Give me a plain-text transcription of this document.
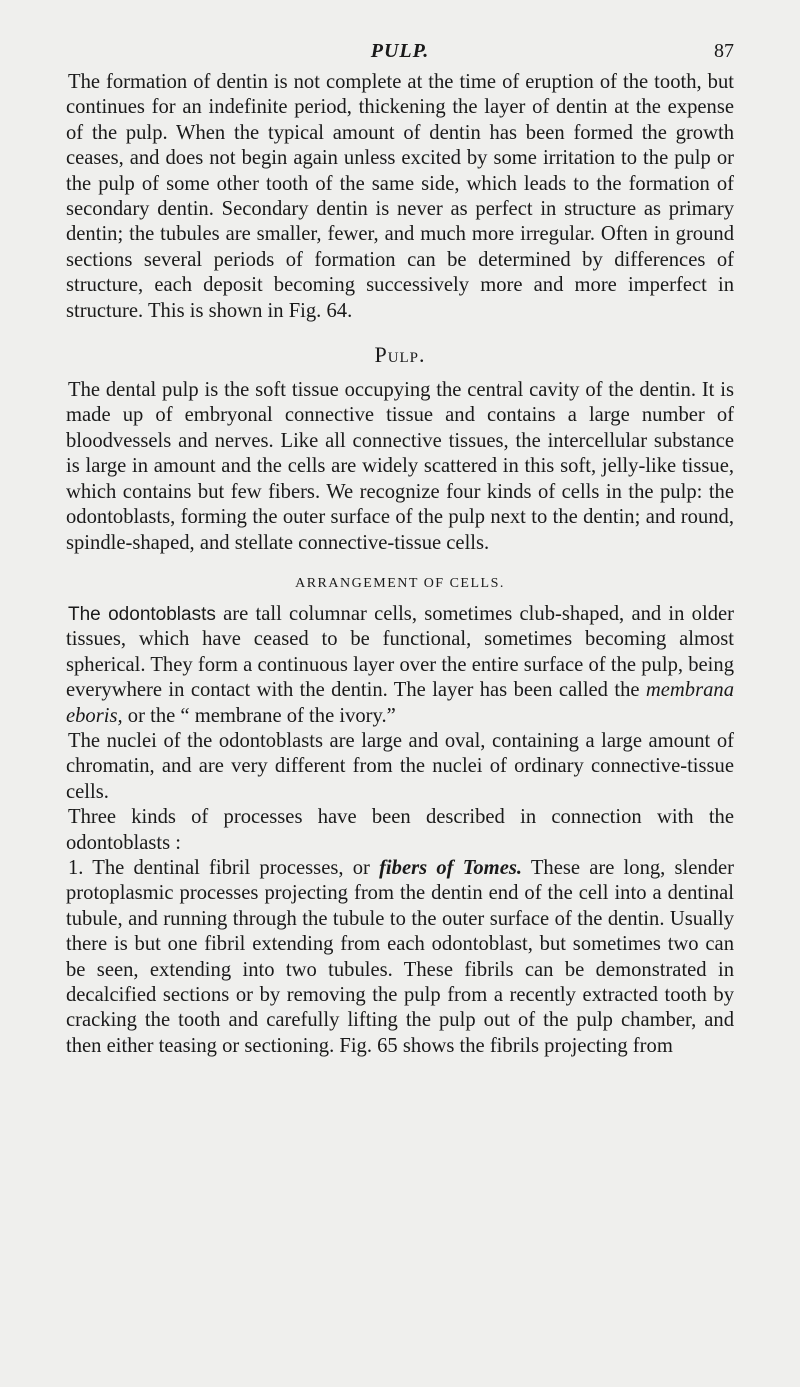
PULP.	87

The formation of dentin is not complete at the time of eruption of the tooth, but continues for an indefinite period, thickening the layer of dentin at the expense of the pulp. When the typical amount of dentin has been formed the growth ceases, and does not begin again unless excited by some irritation to the pulp or the pulp of some other tooth of the same side, which leads to the formation of secondary dentin. Secondary dentin is never as perfect in structure as primary dentin; the tubules are smaller, fewer, and much more irregular. Often in ground sections several periods of formation can be determined by differences of structure, each deposit becoming successively more and more imperfect in structure. This is shown in Fig. 64.

Pulp.

The dental pulp is the soft tissue occupying the central cavity of the dentin. It is made up of embryonal connective tissue and contains a large number of bloodvessels and nerves. Like all connective tissues, the intercellular substance is large in amount and the cells are widely scattered in this soft, jelly-like tissue, which contains but few fibers. We recognize four kinds of cells in the pulp: the odontoblasts, forming the outer surface of the pulp next to the dentin; and round, spindle-shaped, and stellate connective-tissue cells.

ARRANGEMENT OF CELLS.

The odontoblasts are tall columnar cells, sometimes club-shaped, and in older tissues, which have ceased to be functional, sometimes becoming almost spherical. They form a continuous layer over the entire surface of the pulp, being everywhere in contact with the dentin. The layer has been called the membrana eboris, or the “ membrane of the ivory.”

The nuclei of the odontoblasts are large and oval, containing a large amount of chromatin, and are very different from the nuclei of ordinary connective-tissue cells.

Three kinds of processes have been described in connection with the odontoblasts :

1. The dentinal fibril processes, or fibers of Tomes. These are long, slender protoplasmic processes projecting from the dentin end of the cell into a dentinal tubule, and running through the tubule to the outer surface of the dentin. Usually there is but one fibril extending from each odontoblast, but sometimes two can be seen, extending into two tubules. These fibrils can be demonstrated in decalcified sections or by removing the pulp from a recently extracted tooth by cracking the tooth and carefully lifting the pulp out of the pulp chamber, and then either teasing or sectioning. Fig. 65 shows the fibrils projecting from
